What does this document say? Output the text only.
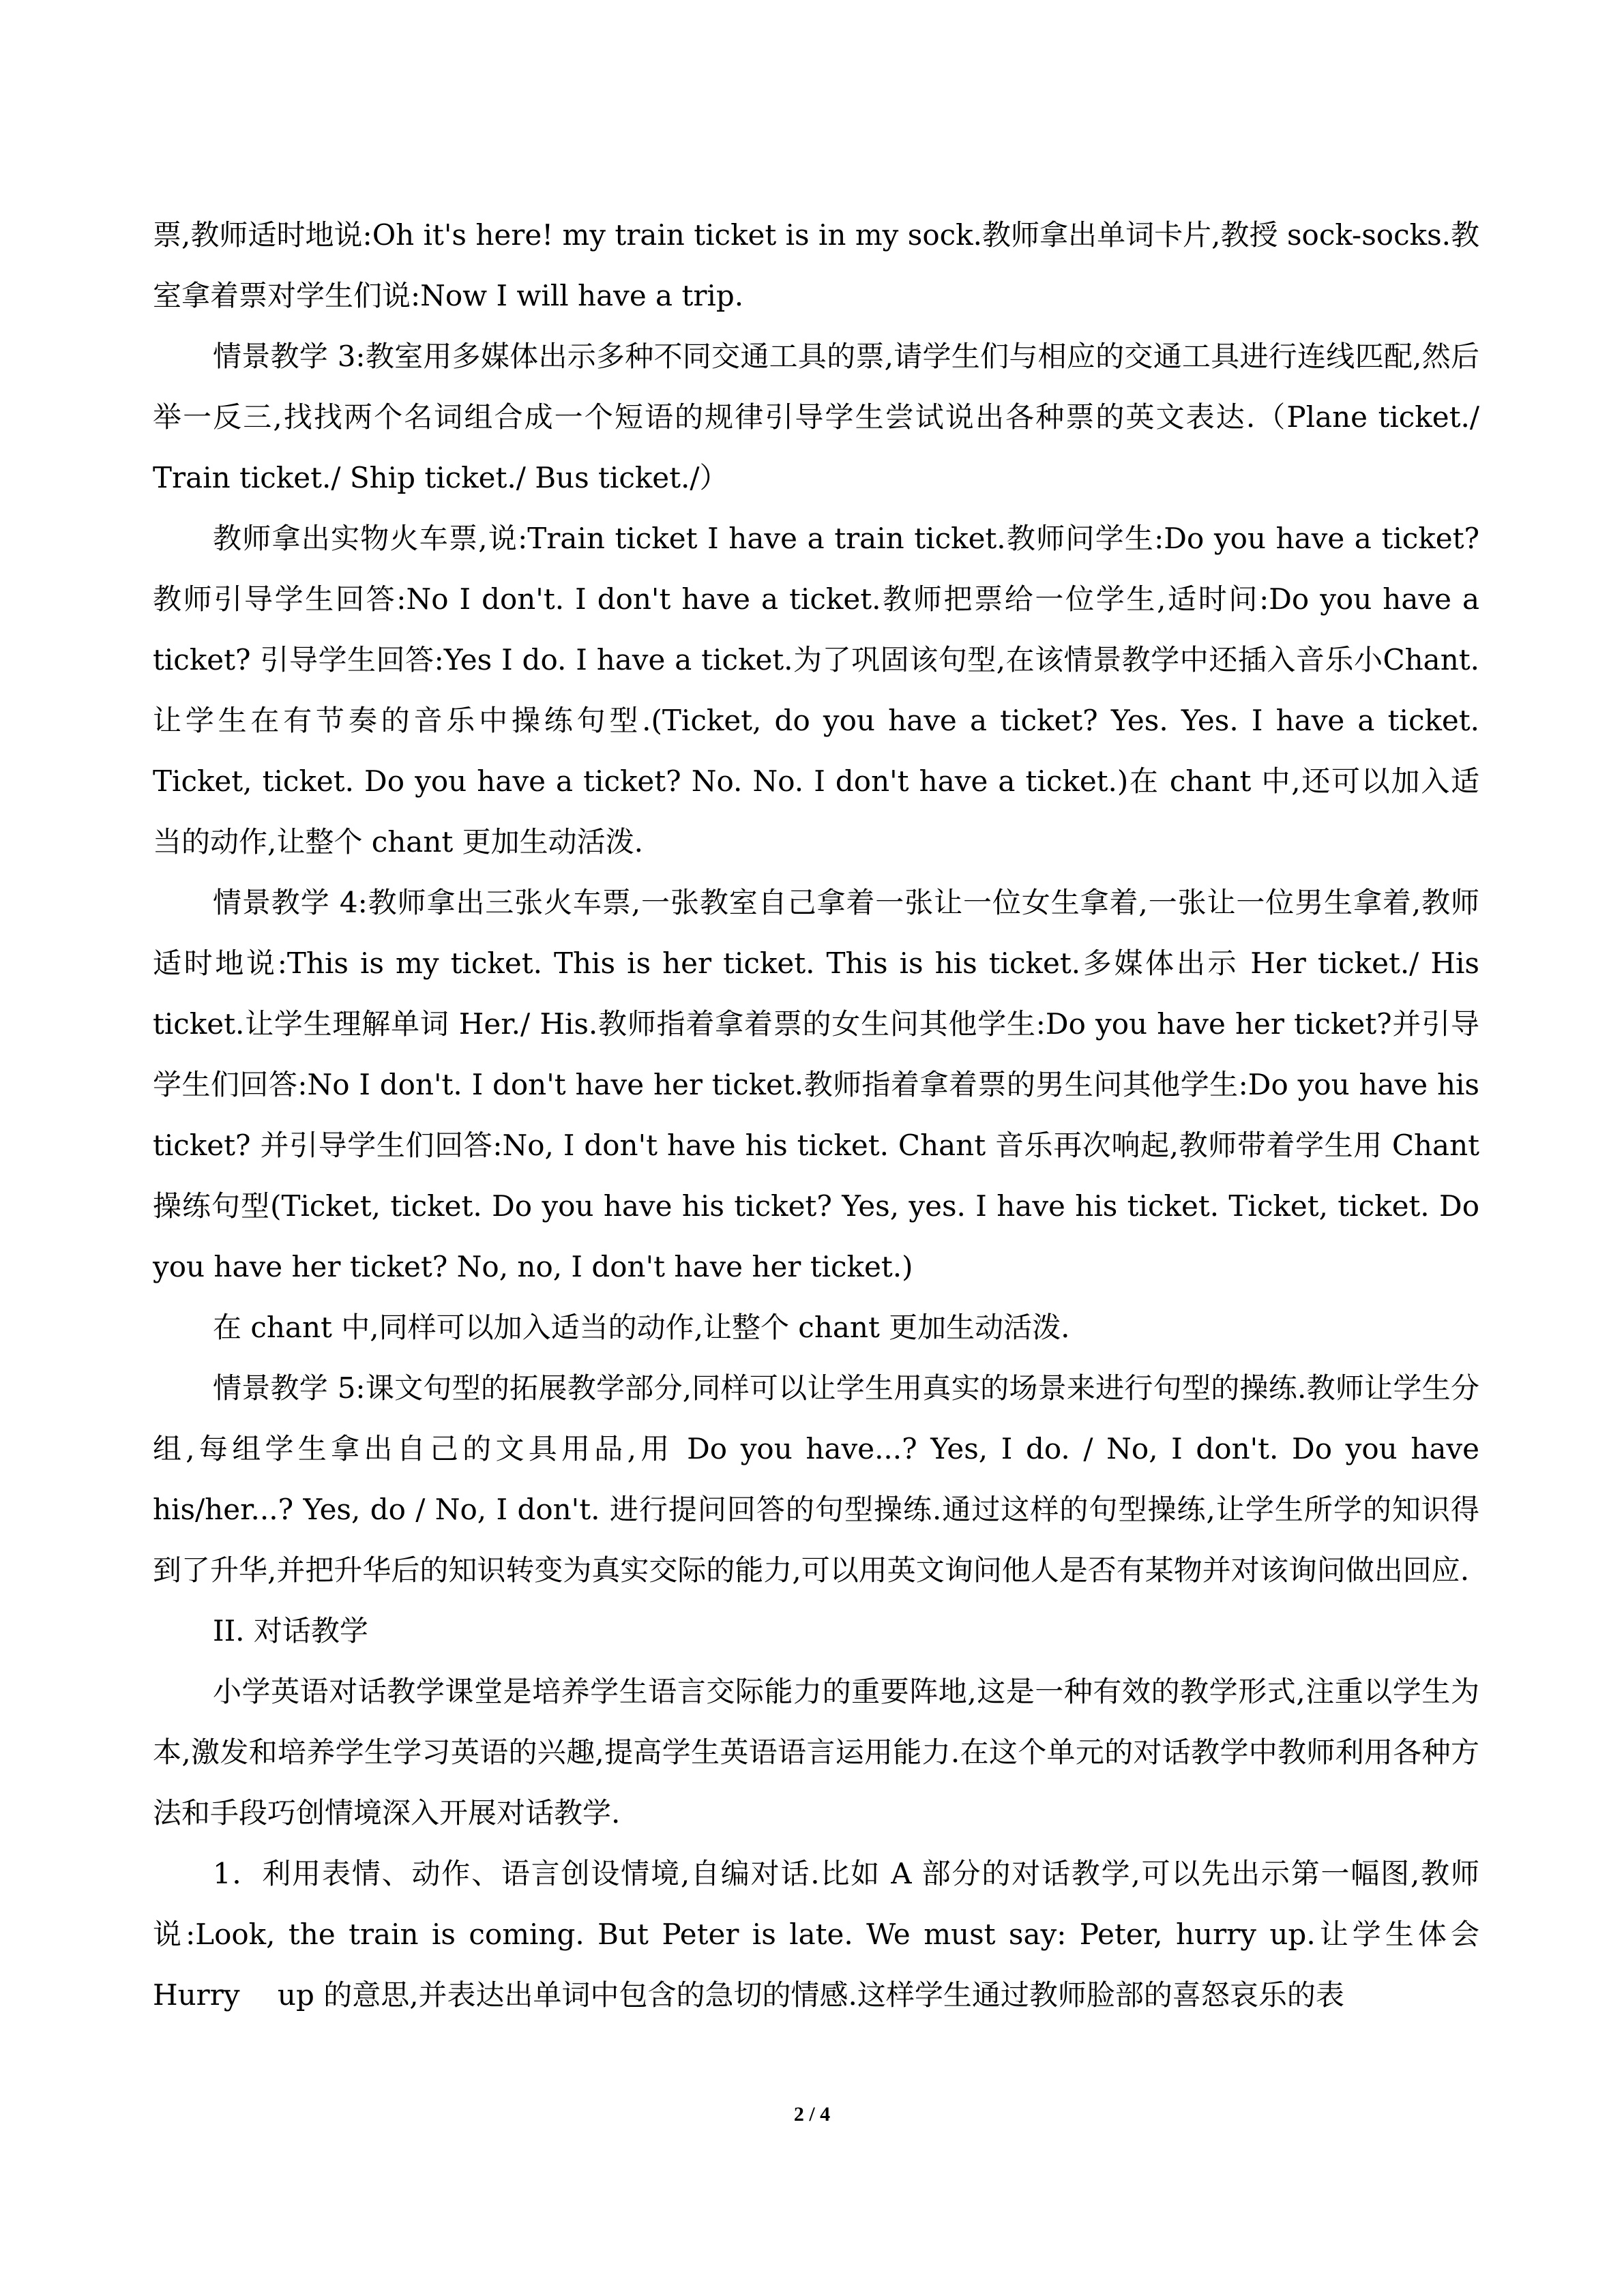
票,教师适时地说:Oh it's here! my train ticket is in my sock.教师拿出单词卡片,教授 sock-socks.教室拿着票对学生们说:Now I will have a trip.

情景教学 3:教室用多媒体出示多种不同交通工具的票,请学生们与相应的交通工具进行连线匹配,然后举一反三,找找两个名词组合成一个短语的规律引导学生尝试说出各种票的英文表达.（Plane ticket./ Train ticket./ Ship ticket./ Bus ticket./）

教师拿出实物火车票,说:Train ticket I have a train ticket.教师问学生:Do you have a ticket?教师引导学生回答:No I don't. I don't have a ticket.教师把票给一位学生,适时问:Do you have a ticket? 引导学生回答:Yes I do. I have a ticket.为了巩固该句型,在该情景教学中还插入音乐小Chant.让学生在有节奏的音乐中操练句型.(Ticket, do you have a ticket? Yes. Yes. I have a ticket. Ticket, ticket. Do you have a ticket? No. No. I don't have a ticket.)在 chant 中,还可以加入适当的动作,让整个 chant 更加生动活泼.

情景教学 4:教师拿出三张火车票,一张教室自己拿着一张让一位女生拿着,一张让一位男生拿着,教师适时地说:This is my ticket. This is her ticket. This is his ticket.多媒体出示 Her ticket./ His ticket.让学生理解单词 Her./ His.教师指着拿着票的女生问其他学生:Do you have her ticket?并引导学生们回答:No I don't. I don't have her ticket.教师指着拿着票的男生问其他学生:Do you have his ticket? 并引导学生们回答:No, I don't have his ticket. Chant 音乐再次响起,教师带着学生用 Chant 操练句型(Ticket, ticket. Do you have his ticket? Yes, yes. I have his ticket. Ticket, ticket. Do you have her ticket? No, no, I don't have her ticket.)

在 chant 中,同样可以加入适当的动作,让整个 chant 更加生动活泼.

情景教学 5:课文句型的拓展教学部分,同样可以让学生用真实的场景来进行句型的操练.教师让学生分组,每组学生拿出自己的文具用品,用 Do you have...? Yes, I do. / No, I don't. Do you have his/her...? Yes, do / No, I don't. 进行提问回答的句型操练.通过这样的句型操练,让学生所学的知识得到了升华,并把升华后的知识转变为真实交际的能力,可以用英文询问他人是否有某物并对该询问做出回应.

II. 对话教学

小学英语对话教学课堂是培养学生语言交际能力的重要阵地,这是一种有效的教学形式,注重以学生为本,激发和培养学生学习英语的兴趣,提高学生英语语言运用能力.在这个单元的对话教学中教师利用各种方法和手段巧创情境深入开展对话教学.

1．利用表情、动作、语言创设情境,自编对话.比如 A 部分的对话教学,可以先出示第一幅图,教师说:Look, the train is coming. But Peter is late. We must say: Peter, hurry up.让学生体会Hurry　 up 的意思,并表达出单词中包含的急切的情感.这样学生通过教师脸部的喜怒哀乐的表

2 / 4
